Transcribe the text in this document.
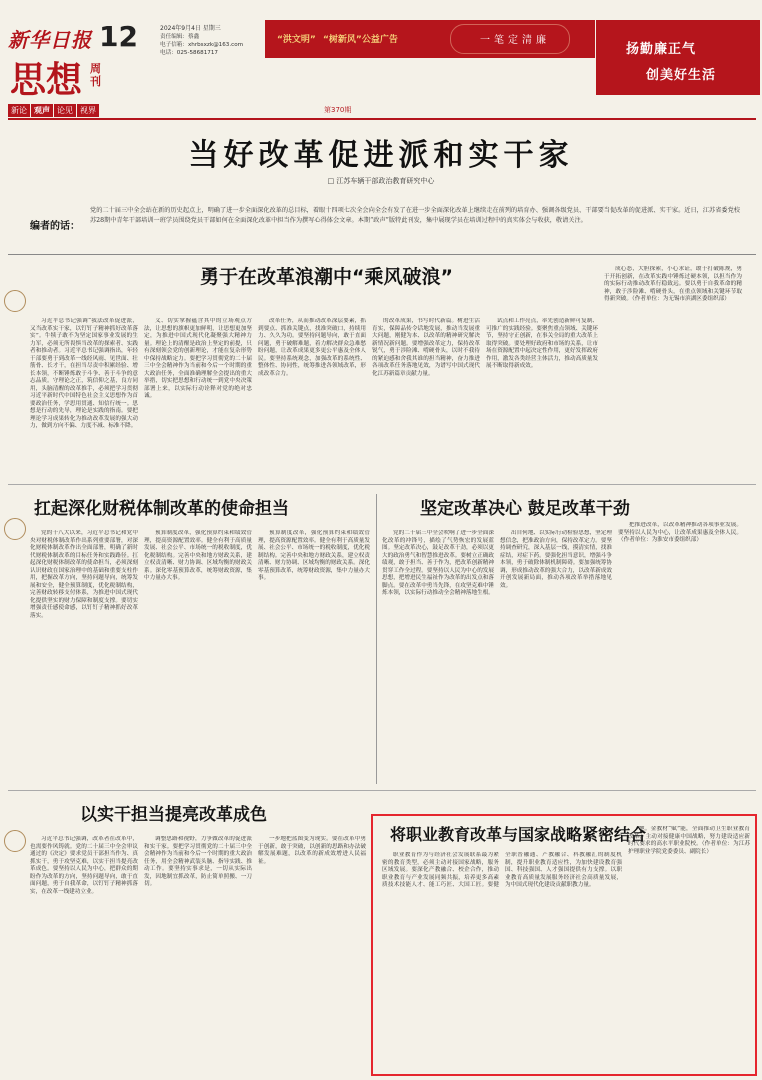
新华日报 12	2024年9月4日 星期三
责任编辑：蔡鑫
电子信箱：xhrbsxzk@163.com
电话：025-58681717
思想 周刊
新论 观声 论见 视界	第370期
“洪文明” “树新风”公益广告	一笔定清廉
扬勤廉正气
创美好生活
当好改革促进派和实干家
□ 江苏车辆干部政治教育研究中心
编者的话：
党的二十届三中全会站在新的历史起点上，明确了进一步全面深化改革的总目标，着眼十四项七次全会向全会有发了在进一步全面深化改革上继续走在前列的培育办、强调各级党员、干部要当促改革的促进派、实干家。近日，江苏省委党校苏28期中青年干部培训一班学员围绕党员干部如何在全面深化改革中担当作为撰写心得体会文章。本期“政声”版特此刊发，集中展现学员在培训过程中的真实体会与收获，敬请关注。
勇于在改革浪潮中“乘风破浪”
习近平总书记强调“我法改革促进派，又当改革实干家，以钉钉子精神抓好改革落实”。牛犊子敢不为坚定国家事业发展的生力军，必须无所畏惧当改革的探索者、实践者和推动者。习近平总书记强调指出，年轻干部要勇于到改革一线经风雨、见世面、壮筋骨、长才干，在担当尽责中积累经验、增长本领，不断锤炼敢于斗争、善于斗争的意志品质。守理论之正，筑信仰之基，良方同用，头脑清醒的改革推手，必须把学习贯彻习近平新时代中国特色社会主义思想作为首要政治任务，学思用贯通、知信行统一。思想是行动的先导，理论是实践的指南。要把理论学习成果转化为推动改革发展的强大动力，做到方向不偏、力度不减、标准不降。
义、切实掌握蕴含其中的立场观点方法，让思想的旗帜更加鲜明，让思想更加坚定，为推进中国式现代化凝聚强大精神力量。理论上的清醒是政治上坚定的前提，只有深刻领会党的创新理论，才能在复杂形势中保持战略定力。要把学习贯彻党的二十届三中全会精神作为当前和今后一个时期的重大政治任务，全面准确理解全会提出的重大举措，切实把思想和行动统一到党中央决策部署上来，以实际行动诠释对党的绝对忠诚。
改革任务，从而推动改革深层要素，抓到要点、抓准关键点，找准突破口，持续用力、久久为功。要坚持问题导向，敢于直面问题，勇于破解难题，着力解决群众急难愁盼问题，让改革成果更多更公平惠及全体人民。要坚持系统观念，加强改革的系统性、整体性、协同性，统筹推进各领域改革，形成改革合力。
的改革成果，书写时代新篇。树进生活育实，保障品传令话地发展，推动当发展重大问题，刚健为本、以改革的精神研究解决新情况新问题。要增强改革定力，保持改革锐气，勇于涉险滩、啃硬骨头，以时不我待的紧迫感和舍我其谁的担当精神，奋力推进各项改革任务落地见效，为谱写中国式现代化江苏新篇章贡献力量。
试点和工作亮点，率先创造新鲜可复制、可推广的实践经验。要聚焦重点领域、关键环节，坚持守正创新，在事关全局的重大改革上取得突破。要处理好政府和市场的关系，让市场在资源配置中起决定性作用，更好发挥政府作用，激发各类经营主体活力，推动高质量发展不断取得新成效。
成心态，大胆探索，小心求证，敢于打破陈规，勇于开拓创新，在改革实践中锤炼过硬本领，以担当作为的实际行动推动改革行稳致远。要以勇于自我革命的精神，敢于涉险滩、啃硬骨头，在重点领域和关键环节取得新突破。（作者单位：为无锡市滨湖区委组织部）
扛起深化财税体制改革的使命担当	坚定改革决心 鼓足改革干劲
党的十八大以来，习近平总书记和党中央对财税体制改革作出系列重要部署，对深化财税体制改革作出全面部署，明确了新时代财税体制改革的目标任务和实践路径。扛起深化财税体制改革的使命担当，必须深刻认识财政在国家治理中的基础和重要支柱作用，把握改革方向，坚持问题导向，统筹发展和安全，健全预算制度，优化税制结构，完善财政转移支付体系，为推进中国式现代化提供坚实的财力保障和制度支撑。要切实增强责任感使命感，以钉钉子精神抓好改革落实。
预算制度改革，强化预算约束和绩效管理，提高资源配置效率。健全有利于高质量发展、社会公平、市场统一的税收制度，优化税制结构。完善中央和地方财政关系，建立权责清晰、财力协调、区域均衡的财政关系。深化零基预算改革，统筹财政资源，集中力量办大事。
预算制度改革，强化预算约束和绩效管理，提高资源配置效率。健全有利于高质量发展、社会公平、市场统一的税收制度，优化税制结构。完善中央和地方财政关系，建立权责清晰、财力协调、区域均衡的财政关系。深化零基预算改革，统筹财政资源，集中力量办大事。
党的二十届三中全会吹响了进一步全面深化改革的冲锋号，描绘了气势恢宏的发展蓝图。坚定改革决心，鼓足改革干劲，必须以更大的政治勇气和智慧推进改革。要树立正确政绩观，敢于担当、善于作为，把改革创新精神贯穿工作全过程。要坚持以人民为中心的发展思想，把增进民生福祉作为改革的出发点和落脚点。要在改革中勇当先锋，在攻坚克难中锤炼本领，以实际行动推动全会精神落地生根。
出自何地、以实际行动检验思想，坚定理想信念，把准政治方向，保持改革定力。要坚持调查研究，深入基层一线，摸清实情，找准症结，对症下药。要强化担当意识，增强斗争本领，勇于破除体制机制障碍。要加强统筹协调，形成推动改革的强大合力，以改革新成效开创发展新局面，推动各项改革举措落地见效。
把推进改革，以改革精神推动各项事业发展。要坚持以人民为中心，让改革成果惠及全体人民。（作者单位：为淮安市委组织部）
以实干担当提亮改革成色
习近平总书记强调，改革者在改革中，也需要作风铸就。党的二十届三中全会审议通过的《决定》要求党员干部担当作为、真抓实干，勇于攻坚克难，以实干担当提亮改革成色。要坚持以人民为中心，把群众的期盼作为改革的方向，坚持问题导向，敢于直面问题，勇于自我革命，以钉钉子精神抓落实，在改革一线建功立业。
调整思路和视野，力争做改革的促进派和实干家。要把学习贯彻党的二十届三中全会精神作为当前和今后一个时期的重大政治任务，用全会精神武装头脑、指导实践、推动工作。要坚持实事求是，一切从实际出发，因地制宜抓改革，防止简单照搬、一刀切。
一步地把蓝图变为现实。要在改革中勇于创新，敢于突破，以创新的思路和办法破解发展难题，以改革的新成效增进人民福祉。
将职业教育改革与国家战略紧密结合
职业教育作为与经济社会发展联系最为紧密的教育类型，必须主动对接国家战略，服务区域发展。要深化产教融合、校企合作，推动职业教育与产业发展同频共振，培养更多高素质技术技能人才、能工巧匠、大国工匠。要健全职普融通、产教融合、科教融汇的制度机制，提升职业教育适应性，为加快建设教育强国、科技强国、人才强国提供有力支撑。以职业教育高质量发展服务经济社会高质量发展，为中国式现代化建设贡献职教力量。
地。金教材“赋”能，全面推动卫生职业教育改革，主动对接健康中国战略，努力建设适应新时代要求的高水平职业院校。（作者单位：为江苏护理职业学院党委委员、副院长）
